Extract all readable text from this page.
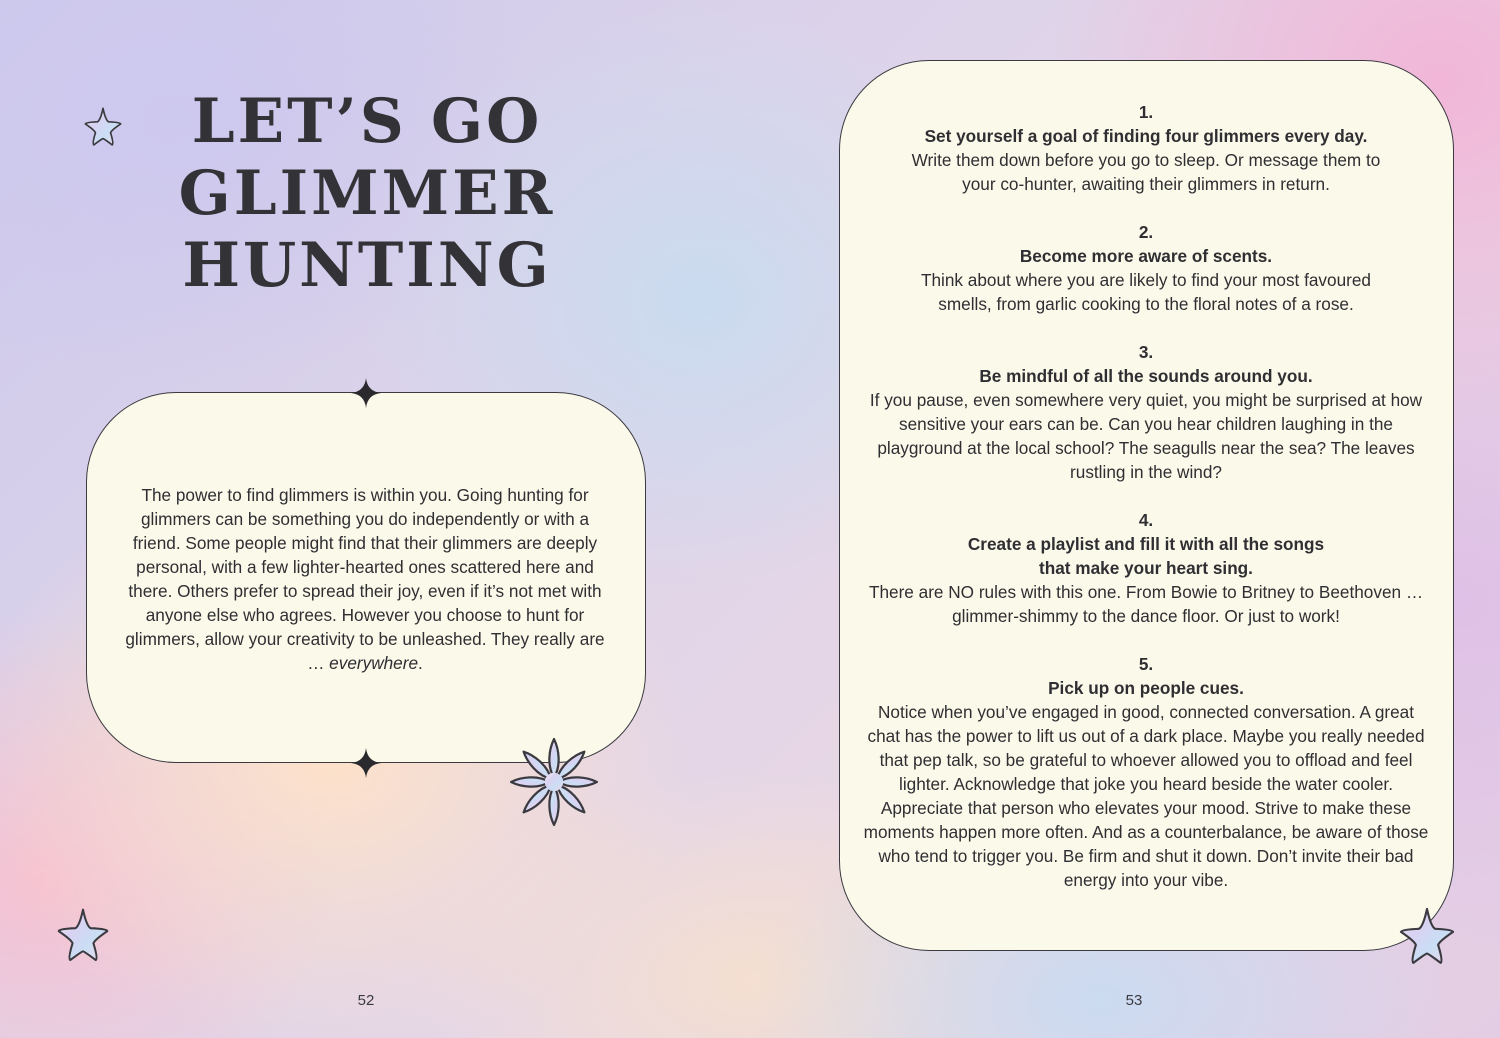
LET’S GO GLIMMER HUNTING

The power to find glimmers is within you. Going hunting for glimmers can be something you do independently or with a friend. Some people might find that their glimmers are deeply personal, with a few lighter-hearted ones scattered here and there. Others prefer to spread their joy, even if it’s not met with anyone else who agrees. However you choose to hunt for glimmers, allow your creativity to be unleashed. They really are … everywhere.

52
1.
Set yourself a goal of finding four glimmers every day.
Write them down before you go to sleep. Or message them to your co-hunter, awaiting their glimmers in return.
2.
Become more aware of scents.
Think about where you are likely to find your most favoured smells, from garlic cooking to the floral notes of a rose.
3.
Be mindful of all the sounds around you.
If you pause, even somewhere very quiet, you might be surprised at how sensitive your ears can be. Can you hear children laughing in the playground at the local school? The seagulls near the sea? The leaves rustling in the wind?
4.
Create a playlist and fill it with all the songs that make your heart sing.
There are NO rules with this one. From Bowie to Britney to Beethoven … glimmer-shimmy to the dance floor. Or just to work!
5.
Pick up on people cues.
Notice when you’ve engaged in good, connected conversation. A great chat has the power to lift us out of a dark place. Maybe you really needed that pep talk, so be grateful to whoever allowed you to offload and feel lighter. Acknowledge that joke you heard beside the water cooler. Appreciate that person who elevates your mood. Strive to make these moments happen more often. And as a counterbalance, be aware of those who tend to trigger you. Be firm and shut it down. Don’t invite their bad energy into your vibe.
53
